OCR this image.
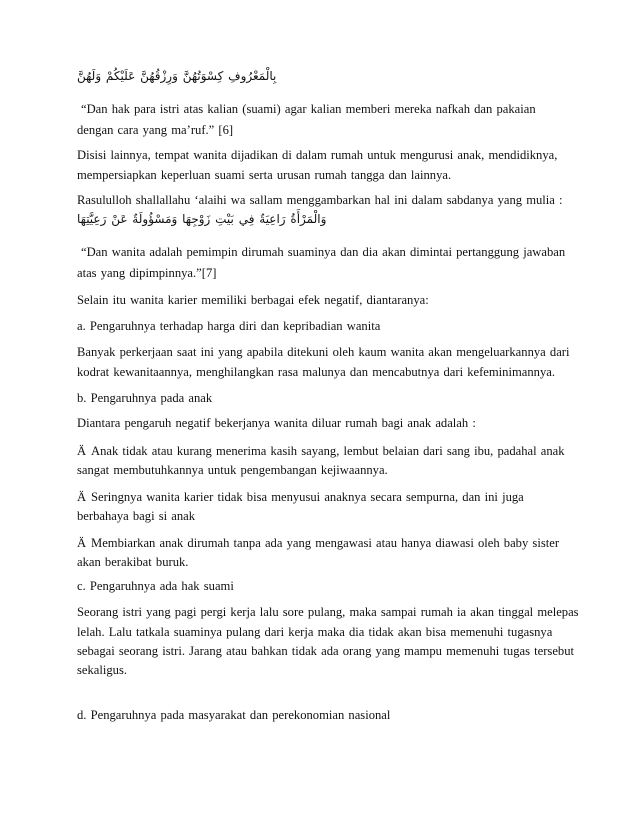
بِالْمَعْرُوفِ كِسْوَتُهُنَّ وَرِزْقُهُنَّ عَلَيْكُمْ وَلَهُنَّ
“Dan hak para istri atas kalian (suami) agar kalian memberi mereka nafkah dan pakaian
dengan cara yang ma’ruf.” [6]
Disisi lainnya, tempat wanita dijadikan di dalam rumah untuk mengurusi anak, mendidiknya,
mempersiapkan keperluan suami serta urusan rumah tangga dan lainnya.
Rasululloh shallallahu ‘alaihi wa sallam menggambarkan hal ini dalam sabdanya yang mulia :
وَالْمَرْأَةُ رَاعِيَةٌ فِي بَيْتِ زَوْجِهَا وَمَسْؤُولَةٌ عَنْ رَعِيَّتِهَا
“Dan wanita adalah pemimpin dirumah suaminya dan dia akan dimintai pertanggung jawaban
atas yang dipimpinnya.”[7]
Selain itu wanita karier memiliki berbagai efek negatif, diantaranya:
a. Pengaruhnya terhadap harga diri dan kepribadian wanita
Banyak perkerjaan saat ini yang apabila ditekuni oleh kaum wanita akan mengeluarkannya dari
kodrat kewanitaannya, menghilangkan rasa malunya dan mencabutnya dari kefeminimannya.
b. Pengaruhnya pada anak
Diantara pengaruh negatif bekerjanya wanita diluar rumah bagi anak adalah :
Ä Anak tidak atau kurang menerima kasih sayang, lembut belaian dari sang ibu, padahal anak
sangat membutuhkannya untuk pengembangan kejiwaannya.
Ä Seringnya wanita karier tidak bisa menyusui anaknya secara sempurna, dan ini juga
berbahaya bagi si anak
Ä Membiarkan anak dirumah tanpa ada yang mengawasi atau hanya diawasi oleh baby sister
akan berakibat buruk.
c. Pengaruhnya ada hak suami
Seorang istri yang pagi pergi kerja lalu sore pulang, maka sampai rumah ia akan tinggal melepas
lelah. Lalu tatkala suaminya pulang dari kerja maka dia tidak akan bisa memenuhi tugasnya
sebagai seorang istri. Jarang atau bahkan tidak ada orang yang mampu memenuhi tugas tersebut
sekaligus.
d. Pengaruhnya pada masyarakat dan perekonomian nasional
